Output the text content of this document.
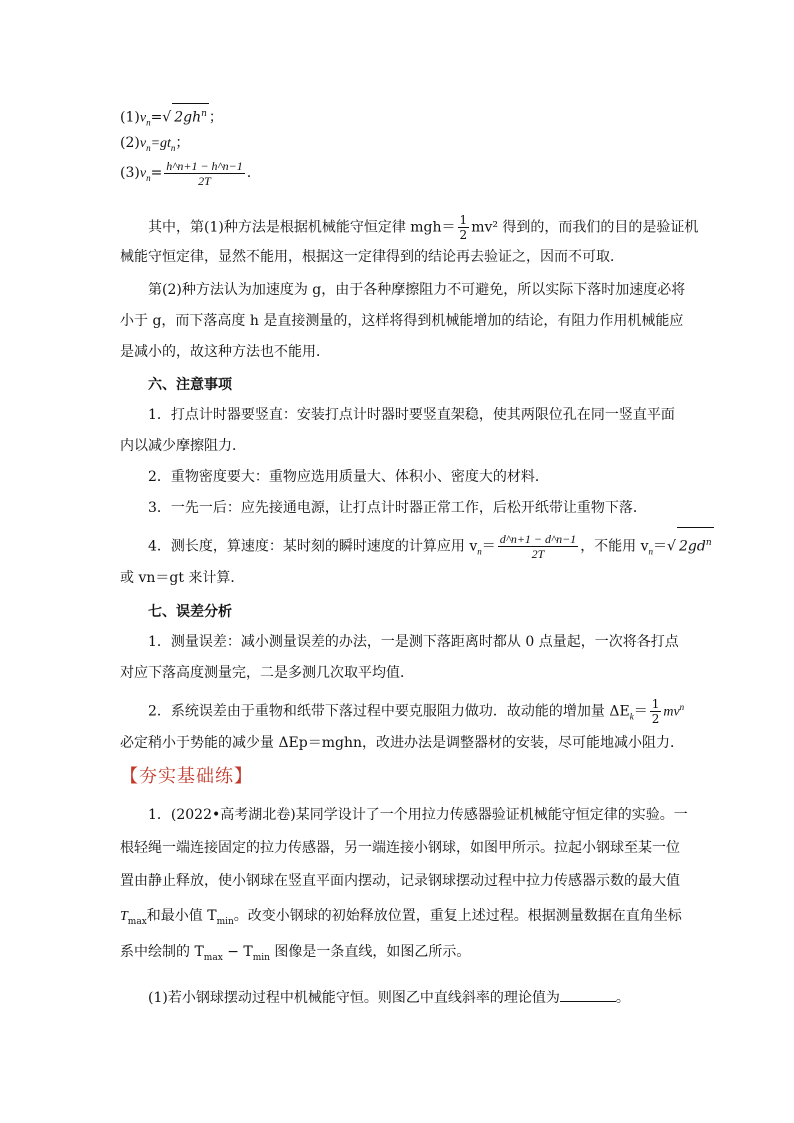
$(1)v_n=√$ $2gh^n$ ；
$(2)v_n=gt_n$；
$(3)v_n= \frac{h\^{}n+1 - h\^{}n-1}{2T}$ .
其中，第(1)种方法是根据机械能守恒定律 $mgh= \frac{1}{2} mv^2$ 得到的，而我们的目的是验证机
械能守恒定律，显然不能用，根据这一定律得到的结论再去验证之，因而不可取．
第(2)种方法认为加速度为 g，由于各种摩擦阻力不可避免，所以实际下落时加速度必将
小于 g，而下落高度 h 是直接测量的，这样将得到机械能增加的结论，有阻力作用机械能应
是减小的，故这种方法也不能用．
六、注意事项
1．打点计时器要竖直：安装打点计时器时要竖直架稳，使其两限位孔在同一竖直平面
内以减少摩擦阻力．
2．重物密度要大：重物应选用质量大、体积小、密度大的材料．
3．一先一后：应先接通电源，让打点计时器正常工作，后松开纸带让重物下落．
4．测长度，算速度：某时刻的瞬时速度的计算应用 $v_n= \frac{d\^{}n+1 - d\^{}n-1}{2T}$ ，不能用 $v_n=√$ $2gd^n$
或 vn＝gt 来计算．
七、误差分析
1．测量误差：减小测量误差的办法，一是测下落距离时都从 0 点量起，一次将各打点
对应下落高度测量完，二是多测几次取平均值．
2．系统误差由于重物和纸带下落过程中要克服阻力做功．故动能的增加量 $\Delta E_k= \frac{1}{2} mv^n$
必定稍小于势能的减少量 ΔEp＝mghn，改进办法是调整器材的安装，尽可能地减小阻力．
【夯实基础练】
1．(2022•高考湖北卷)某同学设计了一个用拉力传感器验证机械能守恒定律的实验。一
根轻绳一端连接固定的拉力传感器，另一端连接小钢球，如图甲所示。拉起小钢球至某一位
置由静止释放，使小钢球在竖直平面内摆动，记录钢球摆动过程中拉力传感器示数的最大值
$T_{max}$和最小值 $T_{min}$。改变小钢球的初始释放位置，重复上述过程。根据测量数据在直角坐标
系中绘制的 $T_{max} - T_{min}$ 图像是一条直线，如图乙所示。
(1)若小钢球摆动过程中机械能守恒。则图乙中直线斜率的理论值为	。
